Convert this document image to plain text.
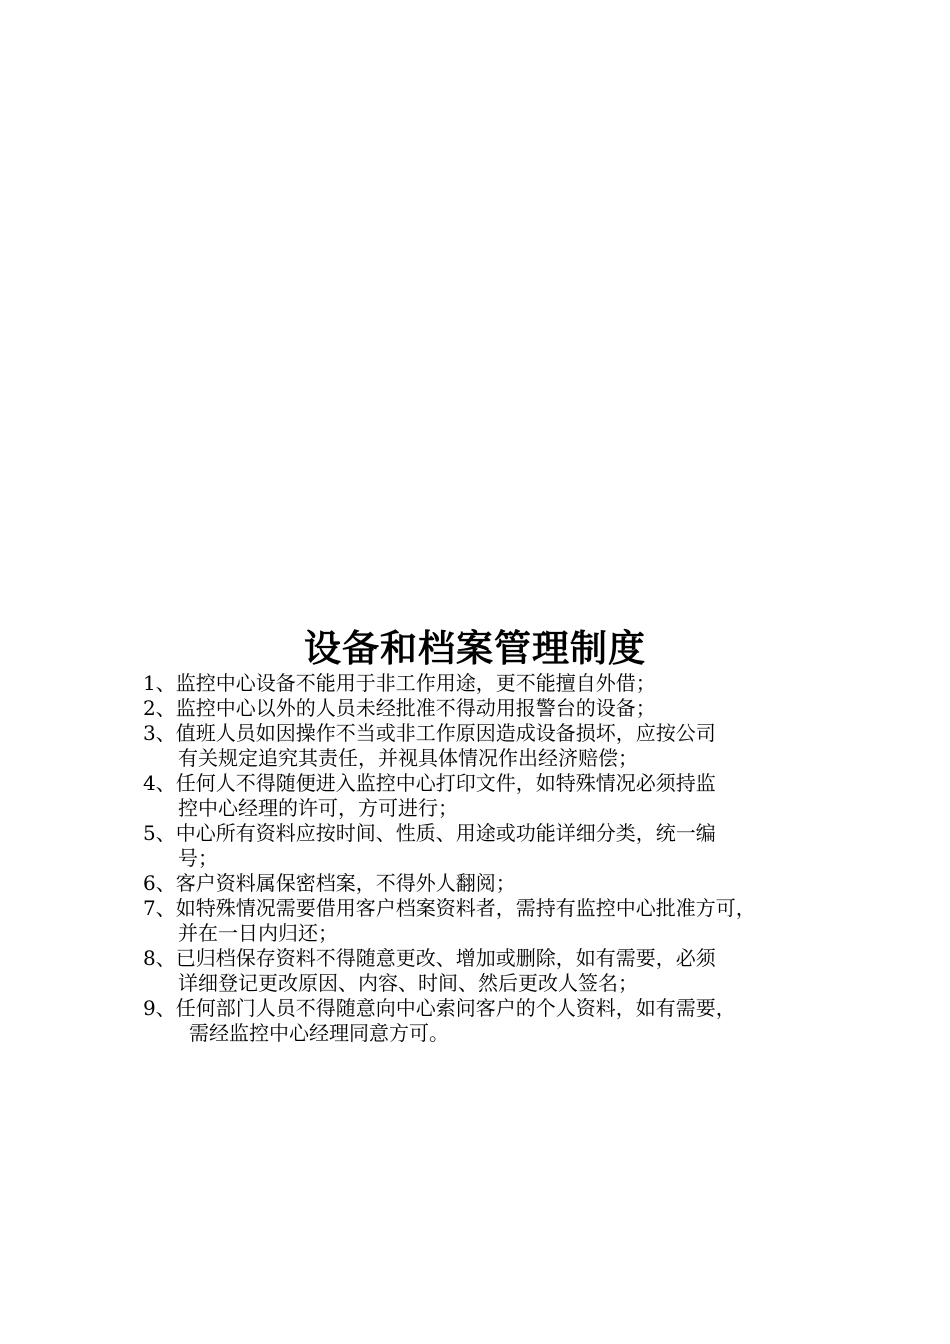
设备和档案管理制度
1、监控中心设备不能用于非工作用途，更不能擅自外借；
2、监控中心以外的人员未经批准不得动用报警台的设备；
3、值班人员如因操作不当或非工作原因造成设备损坏，应按公司
有关规定追究其责任，并视具体情况作出经济赔偿；
4、任何人不得随便进入监控中心打印文件，如特殊情况必须持监
控中心经理的许可，方可进行；
5、中心所有资料应按时间、性质、用途或功能详细分类，统一编
号；
6、客户资料属保密档案，不得外人翻阅；
7、如特殊情况需要借用客户档案资料者，需持有监控中心批准方可，
并在一日内归还；
8、已归档保存资料不得随意更改、增加或删除，如有需要，必须
详细登记更改原因、内容、时间、然后更改人签名；
9、任何部门人员不得随意向中心索问客户的个人资料，如有需要，
需经监控中心经理同意方可。
